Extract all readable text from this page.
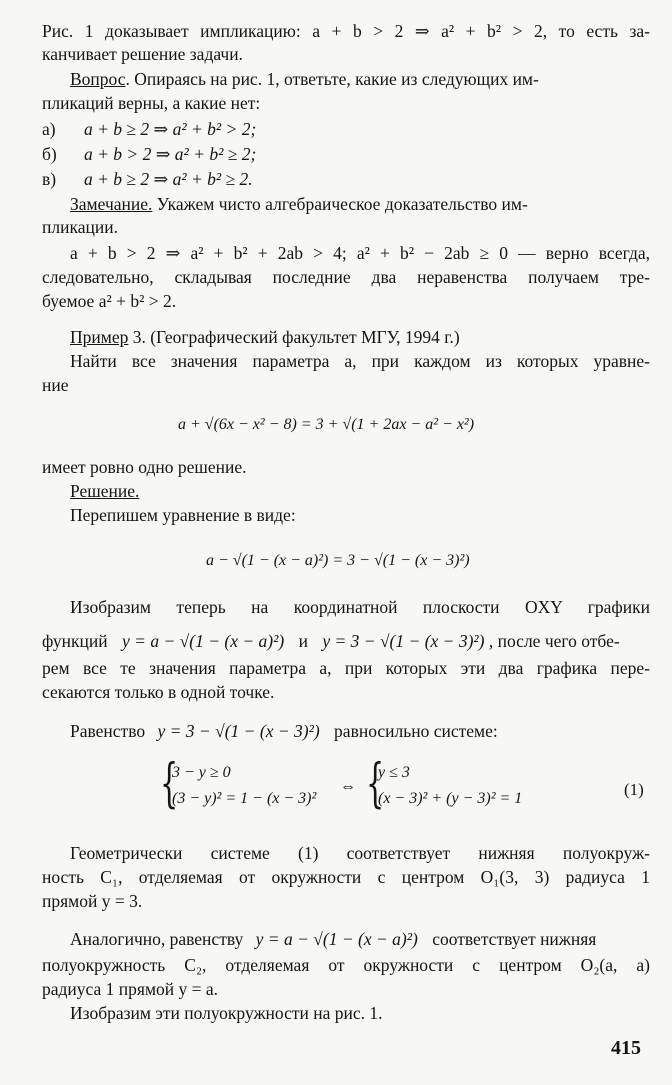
Рис. 1 доказывает импликацию: a + b > 2 ⇒ a² + b² > 2, то есть за-
канчивает решение задачи.
Вопрос. Опираясь на рис. 1, ответьте, какие из следующих им-
пликаций верны, а какие нет:
а) a + b ≥ 2 ⇒ a² + b² > 2;
б) a + b > 2 ⇒ a² + b² ≥ 2;
в) a + b ≥ 2 ⇒ a² + b² ≥ 2.
Замечание. Укажем чисто алгебраическое доказательство им-
пликации.
a + b > 2 ⇒ a² + b² + 2ab > 4; a² + b² − 2ab ≥ 0 — верно всегда,
следовательно, складывая последние два неравенства получаем тре-
буемое a² + b² > 2.
Пример 3. (Географический факультет МГУ, 1994 г.)
Найти все значения параметра a, при каждом из которых уравне-
ние
a + √(6x − x² − 8) = 3 + √(1 + 2ax − a² − x²)
имеет ровно одно решение.
Решение.
Перепишем уравнение в виде:
a − √(1 − (x − a)²) = 3 − √(1 − (x − 3)²)
Изобразим теперь на координатной плоскости OXY графики
функций y = a − √(1 − (x − a)²) и y = 3 − √(1 − (x − 3)²) , после чего отбе-
рем все те значения параметра a, при которых эти два графика пере-
секаются только в одной точке.
Равенство y = 3 − √(1 − (x − 3)²) равносильно системе:
{
3 − y ≥ 0
(3 − y)² = 1 − (x − 3)²
⇔ {
y ≤ 3
(x − 3)² + (y − 3)² = 1	(1)
Геометрически системе (1) соответствует нижняя полуокруж-
ность C₁, отделяемая от окружности с центром O₁(3, 3) радиуса 1
прямой y = 3.
Аналогично, равенству y = a − √(1 − (x − a)²) соответствует нижняя
полуокружность C₂, отделяемая от окружности с центром O₂(a, a)
радиуса 1 прямой y = a.
Изобразим эти полуокружности на рис. 1.
415
